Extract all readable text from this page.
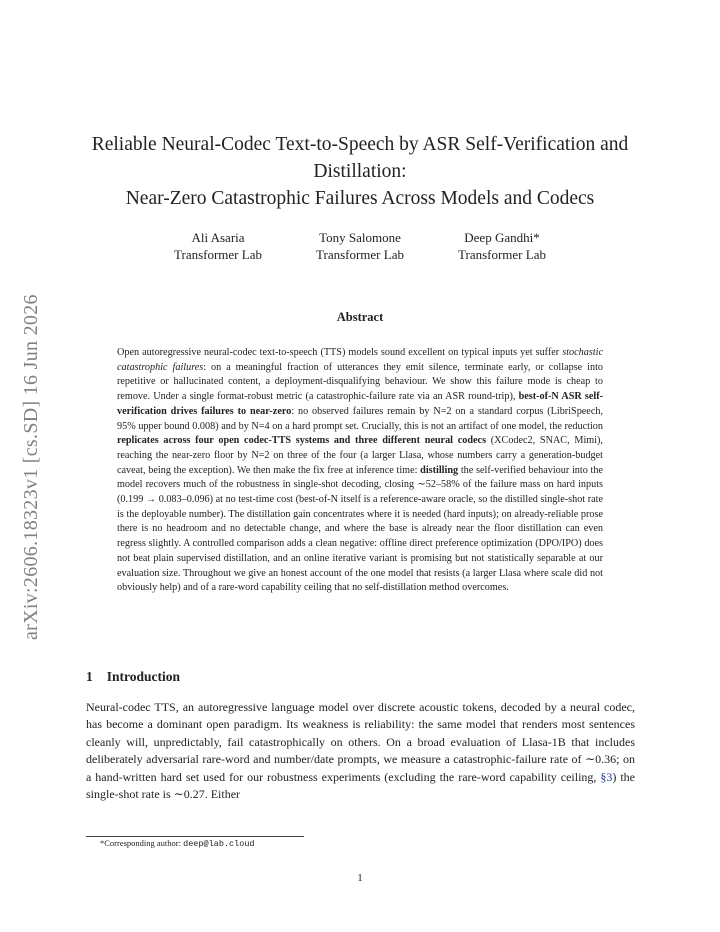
arXiv:2606.18323v1 [cs.SD] 16 Jun 2026
Reliable Neural-Codec Text-to-Speech by ASR Self-Verification and
Distillation:
Near-Zero Catastrophic Failures Across Models and Codecs
Ali Asaria
Transformer Lab
Tony Salomone
Transformer Lab
Deep Gandhi*
Transformer Lab
Abstract
Open autoregressive neural-codec text-to-speech (TTS) models sound excellent on typical inputs yet suffer stochastic catastrophic failures: on a meaningful fraction of utterances they emit silence, terminate early, or collapse into repetitive or hallucinated content, a deployment-disqualifying behaviour. We show this failure mode is cheap to remove. Under a single format-robust metric (a catastrophic-failure rate via an ASR round-trip), best-of-N ASR self-verification drives failures to near-zero: no observed failures remain by N=2 on a standard corpus (LibriSpeech, 95% upper bound 0.008) and by N=4 on a hard prompt set. Crucially, this is not an artifact of one model, the reduction replicates across four open codec-TTS systems and three different neural codecs (XCodec2, SNAC, Mimi), reaching the near-zero floor by N=2 on three of the four (a larger Llasa, whose numbers carry a generation-budget caveat, being the exception). We then make the fix free at inference time: distilling the self-verified behaviour into the model recovers much of the robustness in single-shot decoding, closing ∼52–58% of the failure mass on hard inputs (0.199 → 0.083–0.096) at no test-time cost (best-of-N itself is a reference-aware oracle, so the distilled single-shot rate is the deployable number). The distillation gain concentrates where it is needed (hard inputs); on already-reliable prose there is no headroom and no detectable change, and where the base is already near the floor distillation can even regress slightly. A controlled comparison adds a clean negative: offline direct preference optimization (DPO/IPO) does not beat plain supervised distillation, and an online iterative variant is promising but not statistically separable at our evaluation size. Throughout we give an honest account of the one model that resists (a larger Llasa where scale did not obviously help) and of a rare-word capability ceiling that no self-distillation method overcomes.
1 Introduction
Neural-codec TTS, an autoregressive language model over discrete acoustic tokens, decoded by a neural codec, has become a dominant open paradigm. Its weakness is reliability: the same model that renders most sentences cleanly will, unpredictably, fail catastrophically on others. On a broad evaluation of Llasa-1B that includes deliberately adversarial rare-word and number/date prompts, we measure a catastrophic-failure rate of ∼0.36; on a hand-written hard set used for our robustness experiments (excluding the rare-word capability ceiling, §3) the single-shot rate is ∼0.27. Either
*Corresponding author: deep@lab.cloud
1
